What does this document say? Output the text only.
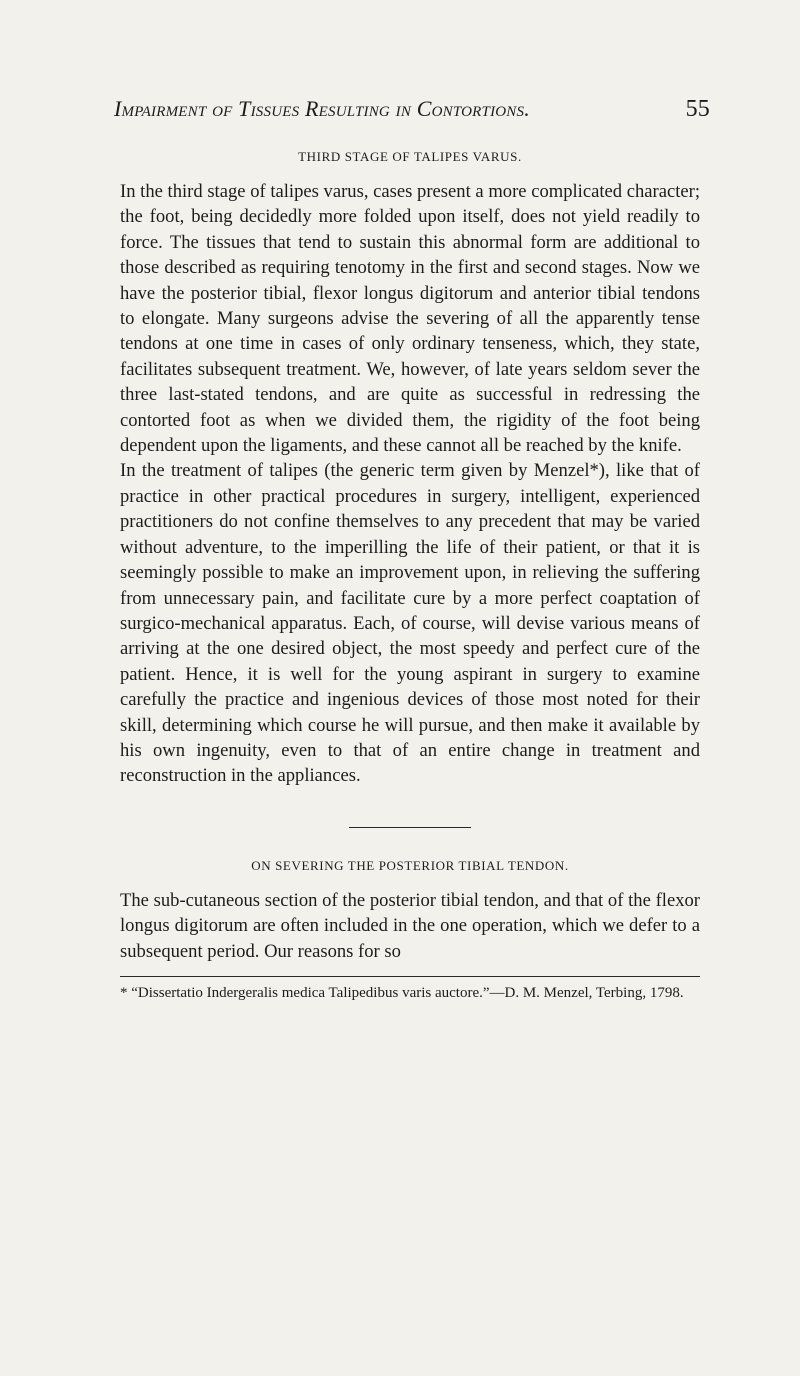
Impairment of Tissues Resulting in Contortions.	55
THIRD STAGE OF TALIPES VARUS.

In the third stage of talipes varus, cases present a more complicated character; the foot, being decidedly more folded upon itself, does not yield readily to force. The tissues that tend to sustain this abnormal form are additional to those described as requiring tenotomy in the first and second stages. Now we have the posterior tibial, flexor longus digitorum and anterior tibial tendons to elongate. Many surgeons advise the severing of all the apparently tense tendons at one time in cases of only ordinary tenseness, which, they state, facilitates subsequent treatment. We, however, of late years seldom sever the three last-stated tendons, and are quite as successful in redressing the contorted foot as when we divided them, the rigidity of the foot being dependent upon the ligaments, and these cannot all be reached by the knife.

In the treatment of talipes (the generic term given by Menzel*), like that of practice in other practical procedures in surgery, intelligent, experienced practitioners do not confine themselves to any precedent that may be varied without adventure, to the imperilling the life of their patient, or that it is seemingly possible to make an improvement upon, in relieving the suffering from unnecessary pain, and facilitate cure by a more perfect coaptation of surgico-mechanical apparatus. Each, of course, will devise various means of arriving at the one desired object, the most speedy and perfect cure of the patient. Hence, it is well for the young aspirant in surgery to examine carefully the practice and ingenious devices of those most noted for their skill, determining which course he will pursue, and then make it available by his own ingenuity, even to that of an entire change in treatment and reconstruction in the appliances.

ON SEVERING THE POSTERIOR TIBIAL TENDON.

The sub-cutaneous section of the posterior tibial tendon, and that of the flexor longus digitorum are often included in the one operation, which we defer to a subsequent period. Our reasons for so

* “Dissertatio Indergeralis medica Talipedibus varis auctore.”—D. M. Menzel, Terbing, 1798.
